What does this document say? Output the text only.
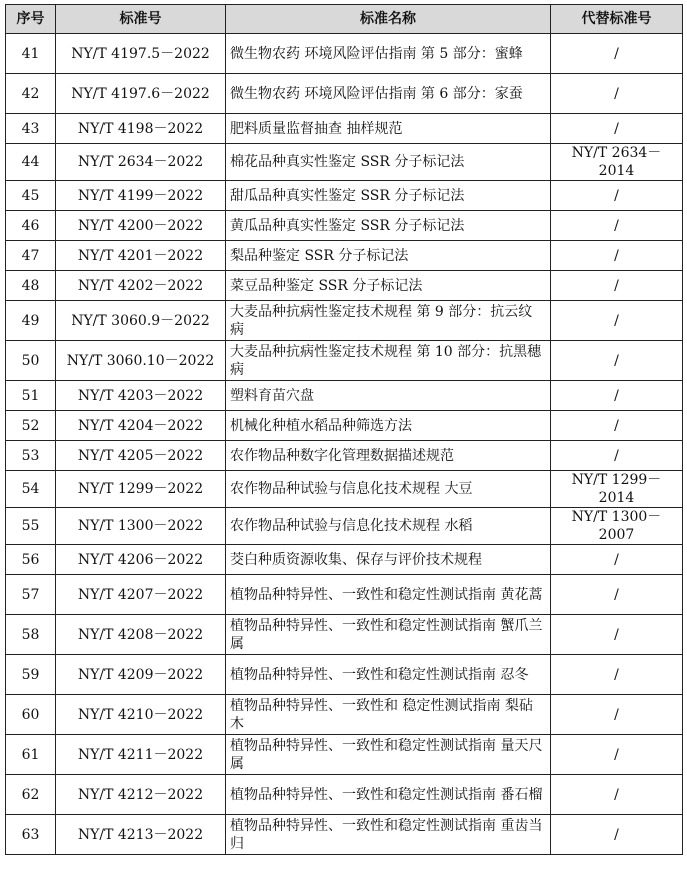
序号	标准号	标准名称	代替标准号
41	NY/T 4197.5－2022	微生物农药 环境风险评估指南 第 5 部分：蜜蜂	/
42	NY/T 4197.6－2022	微生物农药 环境风险评估指南 第 6 部分：家蚕	/
43	NY/T 4198－2022	肥料质量监督抽查 抽样规范	/
44	NY/T 2634－2022	棉花品种真实性鉴定 SSR 分子标记法	NY/T 2634－2014
45	NY/T 4199－2022	甜瓜品种真实性鉴定 SSR 分子标记法	/
46	NY/T 4200－2022	黄瓜品种真实性鉴定 SSR 分子标记法	/
47	NY/T 4201－2022	梨品种鉴定 SSR 分子标记法	/
48	NY/T 4202－2022	菜豆品种鉴定 SSR 分子标记法	/
49	NY/T 3060.9－2022	大麦品种抗病性鉴定技术规程 第 9 部分：抗云纹病	/
50	NY/T 3060.10－2022	大麦品种抗病性鉴定技术规程 第 10 部分：抗黑穗病	/
51	NY/T 4203－2022	塑料育苗穴盘	/
52	NY/T 4204－2022	机械化种植水稻品种筛选方法	/
53	NY/T 4205－2022	农作物品种数字化管理数据描述规范	/
54	NY/T 1299－2022	农作物品种试验与信息化技术规程 大豆	NY/T 1299－2014
55	NY/T 1300－2022	农作物品种试验与信息化技术规程 水稻	NY/T 1300－2007
56	NY/T 4206－2022	茭白种质资源收集、保存与评价技术规程	/
57	NY/T 4207－2022	植物品种特异性、一致性和稳定性测试指南 黄花蒿	/
58	NY/T 4208－2022	植物品种特异性、一致性和稳定性测试指南 蟹爪兰属	/
59	NY/T 4209－2022	植物品种特异性、一致性和稳定性测试指南 忍冬	/
60	NY/T 4210－2022	植物品种特异性、一致性和 稳定性测试指南 梨砧木	/
61	NY/T 4211－2022	植物品种特异性、一致性和稳定性测试指南 量天尺属	/
62	NY/T 4212－2022	植物品种特异性、一致性和稳定性测试指南 番石榴	/
63	NY/T 4213－2022	植物品种特异性、一致性和稳定性测试指南 重齿当归	/
